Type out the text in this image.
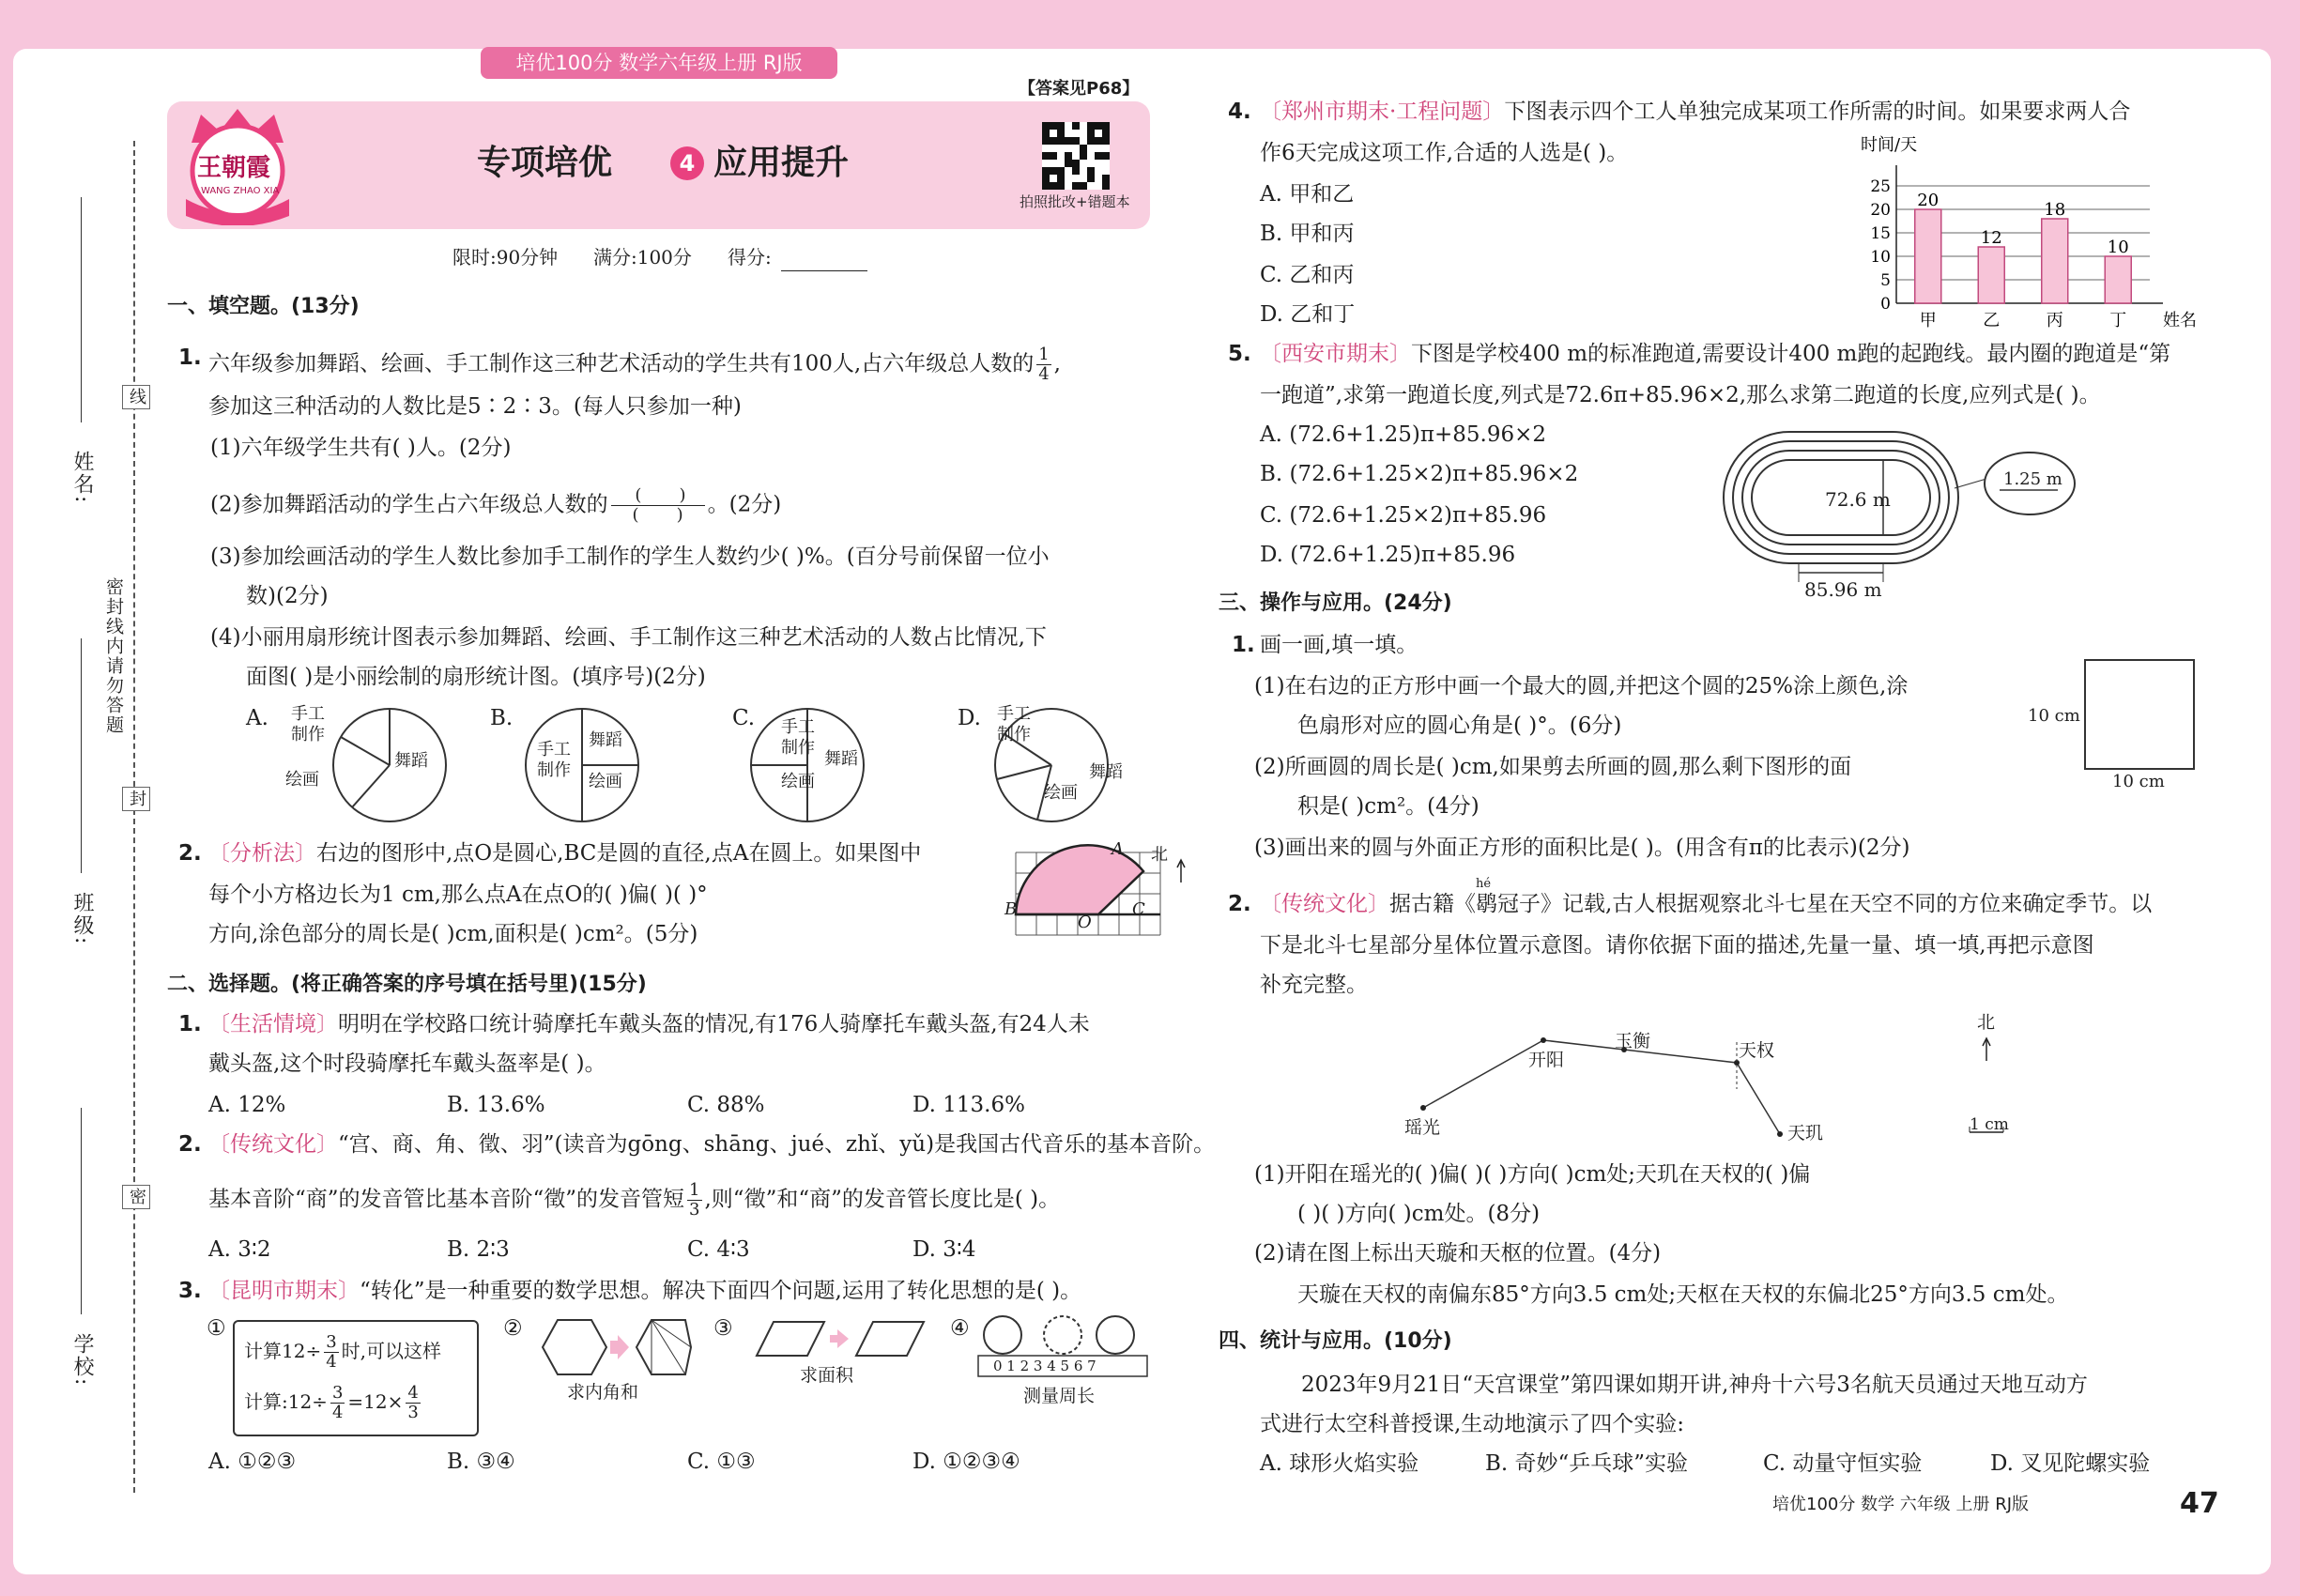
培优100分 数学六年级上册 RJ版
姓名:
班级:
学校:
线
密封线内请勿答题
封
密
【答案见P68】
王朝霞
WANG ZHAO XIA
专项培优	4 应用提升
拍照批改+错题本
限时:90分钟 满分:100分 得分:
一、填空题。(13分)
1. 六年级参加舞蹈、绘画、手工制作这三种艺术活动的学生共有100人,占六年级总人数的 $\frac{1}{4}$ ,
参加这三种活动的人数比是5∶2∶3。(每人只参加一种)
(1)六年级学生共有( )人。(2分)
(2)参加舞蹈活动的学生占六年级总人数的 $\frac{( )}{( )}$ 。(2分)
(3)参加绘画活动的学生人数比参加手工制作的学生人数约少( )%。(百分号前保留一位小
数)(2分)
(4)小丽用扇形统计图表示参加舞蹈、绘画、手工制作这三种艺术活动的人数占比情况,下
面图( )是小丽绘制的扇形统计图。(填序号)(2分)
A.	B.	C.	D.
手工
制作
舞蹈
绘画
手工
制作
舞蹈
绘画
手工
制作
舞蹈
绘画
手工
制作
舞蹈
绘画
2. 〔分析法〕右边的图形中,点O是圆心,BC是圆的直径,点A在圆上。如果图中
每个小方格边长为1 cm,那么点A在点O的( )偏( )( )°
方向,涂色部分的周长是( )cm,面积是( )cm²。(5分)
A
B
O
C
北
二、选择题。(将正确答案的序号填在括号里)(15分)
1. 〔生活情境〕明明在学校路口统计骑摩托车戴头盔的情况,有176人骑摩托车戴头盔,有24人未
戴头盔,这个时段骑摩托车戴头盔率是( )。
A. 12%	B. 13.6%	C. 88%	D. 113.6%
2. 〔传统文化〕“宫、商、角、徵、羽”(读音为gōng、shāng、jué、zhǐ、yǔ)是我国古代音乐的基本音阶。
基本音阶“商”的发音管比基本音阶“徵”的发音管短 $\frac{1}{3}$ ,则“徵”和“商”的发音管长度比是( )。
A. 3∶2	B. 2∶3	C. 4∶3	D. 3∶4
3. 〔昆明市期末〕“转化”是一种重要的数学思想。解决下面四个问题,运用了转化思想的是( )。
①
计算$12\div \frac{3}{4}$ 时,可以这样
计算:12÷ $\frac{3}{4} =12\times \frac{4}{3}$
②
求内角和
③
求面积
④
0 1 2 3 4 5 6 7
测量周长
A. ①②③	B. ③④	C. ①③	D. ①②③④
4. 〔郑州市期末·工程问题〕下图表示四个工人单独完成某项工作所需的时间。如果要求两人合
作6天完成这项工作,合适的人选是( )。
A. 甲和乙
B. 甲和丙
C. 乙和丙
D. 乙和丁
时间/天
0
5
10
15
20
25
20
甲
12
乙
18
丙
10
丁 姓名
5. 〔西安市期末〕下图是学校400 m的标准跑道,需要设计400 m跑的起跑线。最内圈的跑道是“第
一跑道”,求第一跑道长度,列式是72.6π+85.96×2,那么求第二跑道的长度,应列式是( )。
A. (72.6+1.25)π+85.96×2
B. (72.6+1.25×2)π+85.96×2
C. (72.6+1.25×2)π+85.96
D. (72.6+1.25)π+85.96
72.6 m
85.96 m
1.25 m
三、操作与应用。(24分)
1. 画一画,填一填。
(1)在右边的正方形中画一个最大的圆,并把这个圆的25%涂上颜色,涂
色扇形对应的圆心角是( )°。(6分)
(2)所画圆的周长是( )cm,如果剪去所画的圆,那么剩下图形的面
积是( )cm²。(4分)
(3)画出来的圆与外面正方形的面积比是( )。(用含有π的比表示)(2分)
10 cm
10 cm
2. 〔传统文化〕据古籍《鹖冠子
hé
》记载,古人根据观察北斗七星在天空不同的方位来确定季节。以
下是北斗七星部分星体位置示意图。请你依据下面的描述,先量一量、填一填,再把示意图
补充完整。
瑶光
开阳
玉衡	天权
天玑
北
1 cm
(1)开阳在瑶光的( )偏( )( )方向( )cm处;天玑在天权的( )偏
( )( )方向( )cm处。(8分)
(2)请在图上标出天璇和天枢的位置。(4分)
天璇在天权的南偏东85°方向3.5 cm处;天枢在天权的东偏北25°方向3.5 cm处。
四、统计与应用。(10分)
2023年9月21日“天宫课堂”第四课如期开讲,神舟十六号3名航天员通过天地互动方
式进行太空科普授课,生动地演示了四个实验:
A. 球形火焰实验	B. 奇妙“乒乓球”实验	C. 动量守恒实验	D. 叉见陀螺实验
培优100分 数学 六年级 上册 RJ版	47
